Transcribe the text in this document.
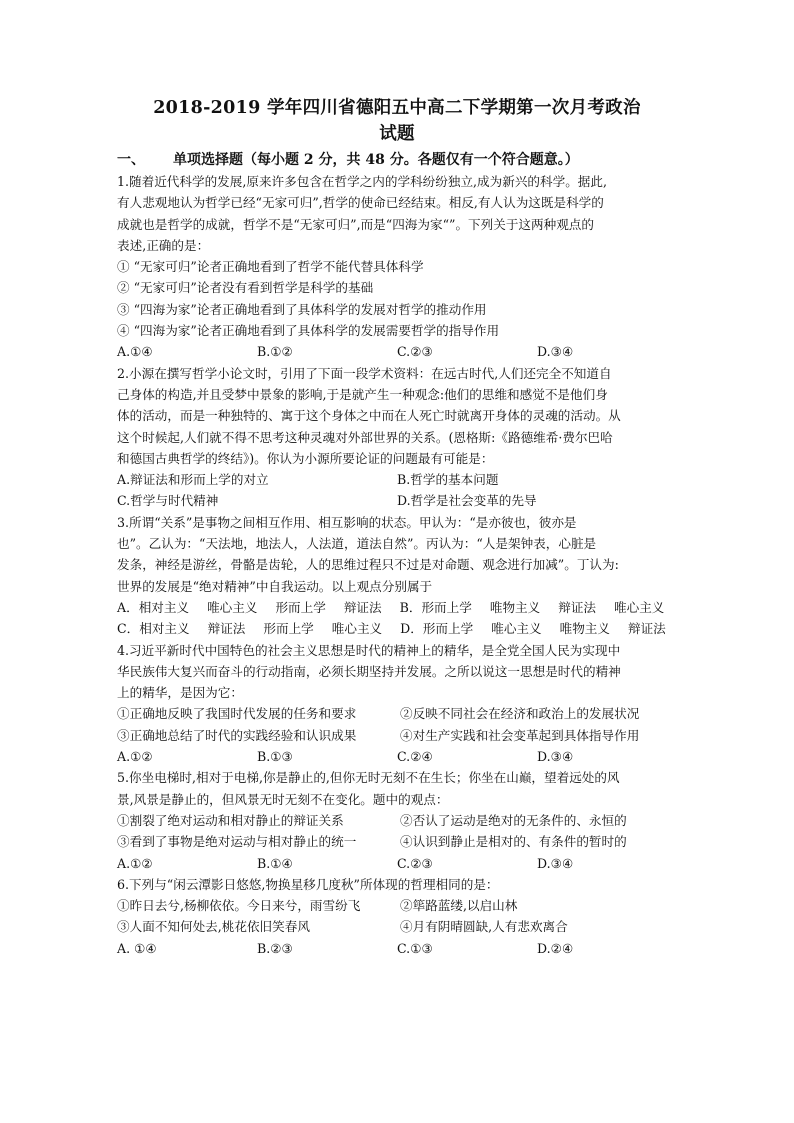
2018-2019 学年四川省德阳五中高二下学期第一次月考政治
试题
一、 单项选择题（每小题 2 分，共 48 分。各题仅有一个符合题意。）
1.随着近代科学的发展,原来许多包含在哲学之内的学科纷纷独立,成为新兴的科学。据此,
有人悲观地认为哲学已经“无家可归”,哲学的使命已经结束。相反,有人认为这既是科学的
成就也是哲学的成就，哲学不是“无家可归”,而是“四海为家“”。下列关于这两种观点的
表述,正确的是：
① “无家可归”论者正确地看到了哲学不能代替具体科学
② “无家可归”论者没有看到哲学是科学的基础
③ “四海为家”论者正确地看到了具体科学的发展对哲学的推动作用
④ “四海为家”论者正确地看到了具体科学的发展需要哲学的指导作用
A.①④	B.①②	C.②③	D.③④
2.小源在撰写哲学小论文时，引用了下面一段学术资料：在远古时代,人们还完全不知道自
己身体的构造,并且受梦中景象的影响,于是就产生一种观念:他们的思维和感觉不是他们身
体的活动，而是一种独特的、寓于这个身体之中而在人死亡时就离开身体的灵魂的活动。从
这个时候起,人们就不得不思考这种灵魂对外部世界的关系。(恩格斯:《路德维希·费尔巴哈
和德国古典哲学的终结》)。你认为小源所要论证的问题最有可能是：
A.辩证法和形而上学的对立	B.哲学的基本问题
C.哲学与时代精神	D.哲学是社会变革的先导
3.所谓“关系”是事物之间相互作用、相互影响的状态。甲认为：“是亦彼也，彼亦是
也”。乙认为：“天法地，地法人，人法道，道法自然”。丙认为：“人是架钟表，心脏是
发条，神经是游丝，骨骼是齿轮，人的思维过程只不过是对命题、观念进行加减”。丁认为:
世界的发展是“绝对精神”中自我运动。以上观点分别属于
A．相对主义 唯心主义 形而上学 辩证法 B．形而上学 唯物主义 辩证法 唯心主义
C．相对主义 辩证法 形而上学 唯心主义 D．形而上学 唯心主义 唯物主义 辩证法
4.习近平新时代中国特色的社会主义思想是时代的精神上的精华，是全党全国人民为实现中
华民族伟大复兴而奋斗的行动指南，必须长期坚持并发展。之所以说这一思想是时代的精神
上的精华，是因为它：
①正确地反映了我国时代发展的任务和要求	②反映不同社会在经济和政治上的发展状况
③正确地总结了时代的实践经验和认识成果	④对生产实践和社会变革起到具体指导作用
A.①②	B.①③	C.②④	D.③④
5.你坐电梯时,相对于电梯,你是静止的,但你无时无刻不在生长；你坐在山巅，望着远处的风
景,风景是静止的，但风景无时无刻不在变化。题中的观点：
①割裂了绝对运动和相对静止的辩证关系	②否认了运动是绝对的无条件的、永恒的
③看到了事物是绝对运动与相对静止的统一	④认识到静止是相对的、有条件的暂时的
A.①②	B.①④	C.②③	D.③④
6.下列与“闲云潭影日悠悠,物换星移几度秋”所体现的哲理相同的是：
①昨日去兮,杨柳依依。今日来兮，雨雪纷飞	②筚路蓝缕,以启山林
③人面不知何处去,桃花依旧笑春风	④月有阴晴圆缺,人有悲欢离合
A. ①④	B.②③	C.①③	D.②④
